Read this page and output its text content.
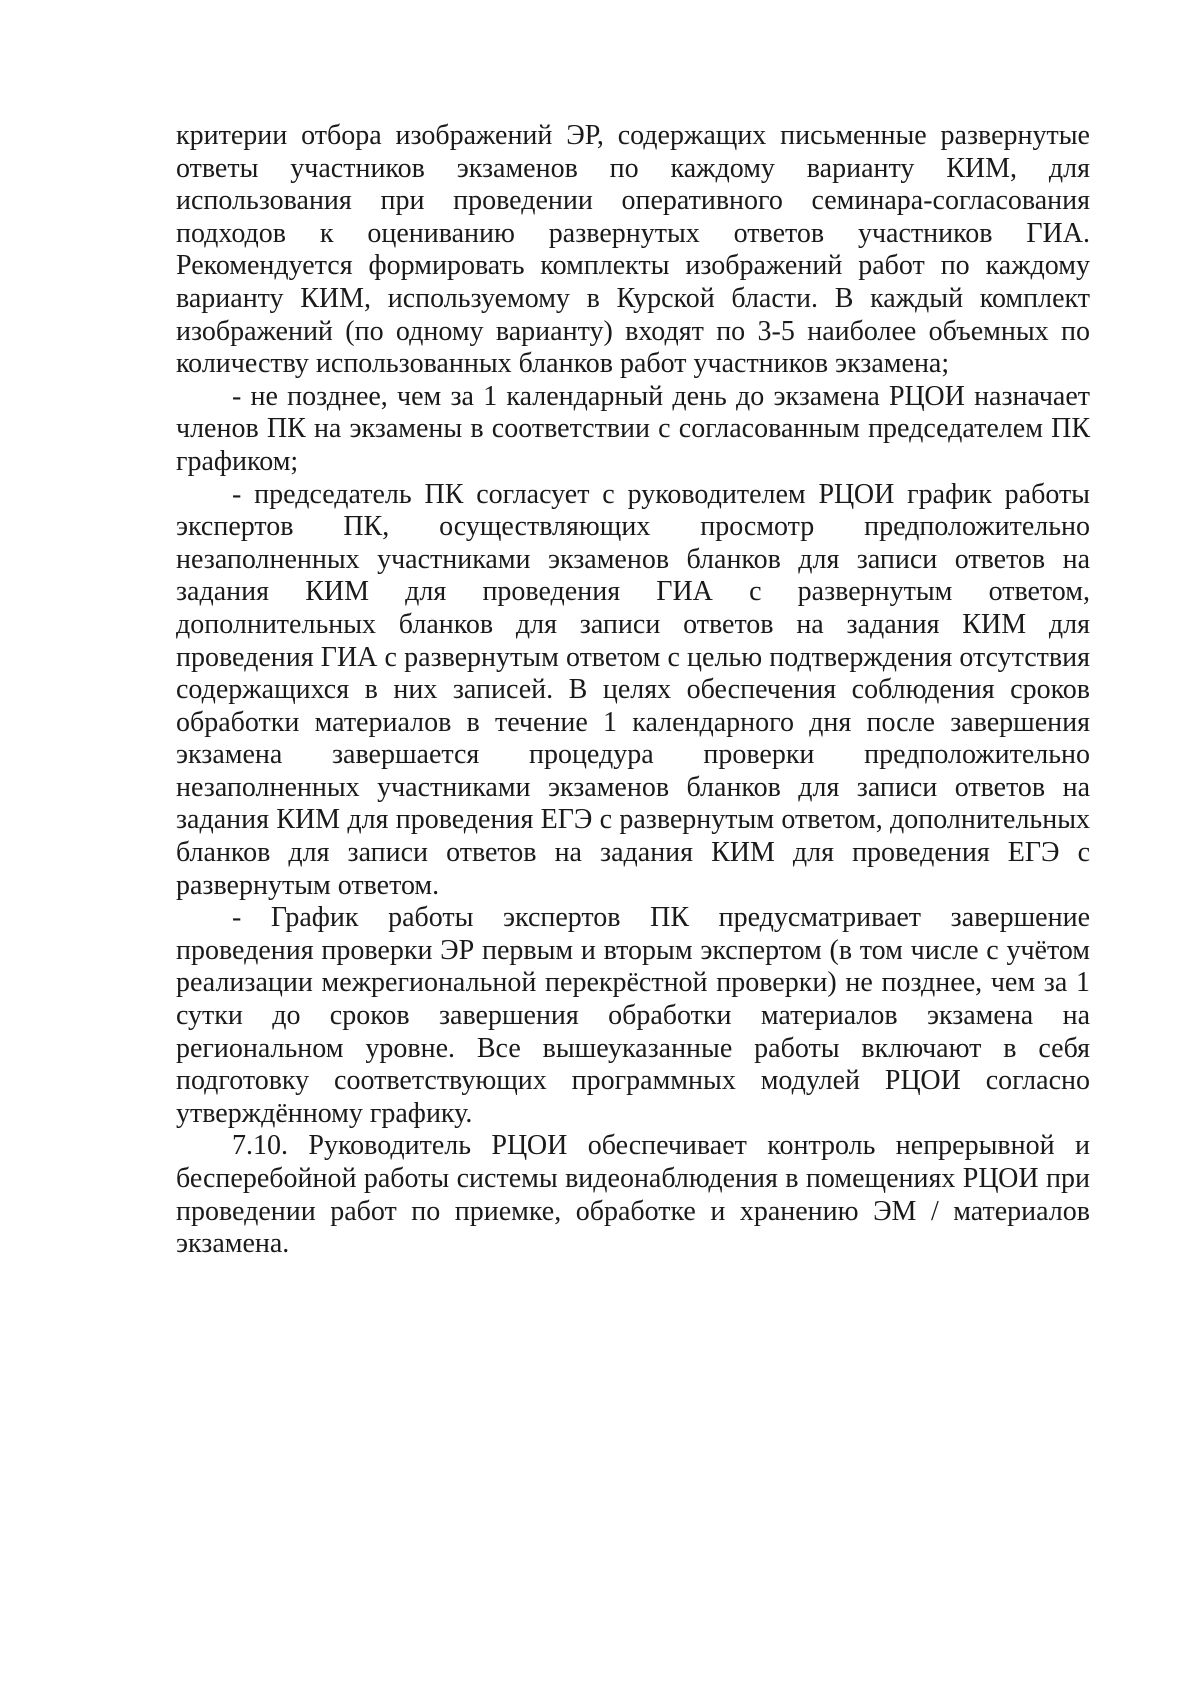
критерии отбора изображений ЭР, содержащих письменные развернутые ответы участников экзаменов по каждому варианту КИМ, для использования при проведении оперативного семинара-согласования подходов к оцениванию развернутых ответов участников ГИА. Рекомендуется формировать комплекты изображений работ по каждому варианту КИМ, используемому в Курской бласти. В каждый комплект изображений (по одному варианту) входят по 3-5 наиболее объемных по количеству использованных бланков работ участников экзамена;

- не позднее, чем за 1 календарный день до экзамена РЦОИ назначает членов ПК на экзамены в соответствии с согласованным председателем ПК графиком;

- председатель ПК согласует с руководителем РЦОИ график работы экспертов ПК, осуществляющих просмотр предположительно незаполненных участниками экзаменов бланков для записи ответов на задания КИМ для проведения ГИА с развернутым ответом, дополнительных бланков для записи ответов на задания КИМ для проведения ГИА с развернутым ответом с целью подтверждения отсутствия содержащихся в них записей. В целях обеспечения соблюдения сроков обработки материалов в течение 1 календарного дня после завершения экзамена завершается процедура проверки предположительно незаполненных участниками экзаменов бланков для записи ответов на задания КИМ для проведения ЕГЭ с развернутым ответом, дополнительных бланков для записи ответов на задания КИМ для проведения ЕГЭ с развернутым ответом.

- График работы экспертов ПК предусматривает завершение проведения проверки ЭР первым и вторым экспертом (в том числе с учётом реализации межрегиональной перекрёстной проверки) не позднее, чем за 1 сутки до сроков завершения обработки материалов экзамена на региональном уровне. Все вышеуказанные работы включают в себя подготовку соответствующих программных модулей РЦОИ согласно утверждённому графику.

7.10. Руководитель РЦОИ обеспечивает контроль непрерывной и бесперебойной работы системы видеонаблюдения в помещениях РЦОИ при проведении работ по приемке, обработке и хранению ЭМ / материалов экзамена.
